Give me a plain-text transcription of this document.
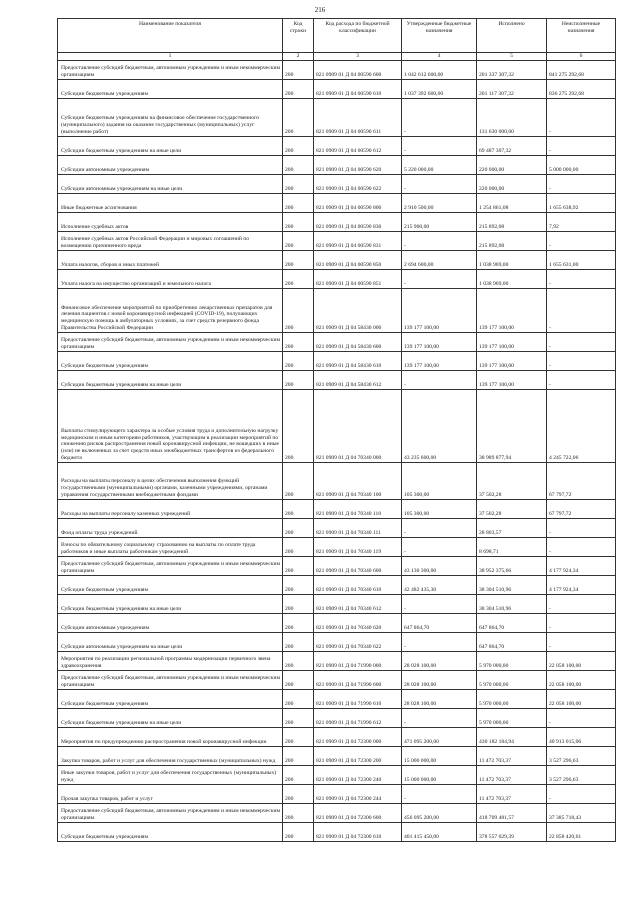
216
Наименование показателя	Код строки	Код расхода по бюджетной классификации	Утвержденные бюджетные назначения	Исполнено	Неисполненные назначения
1	2	3	4	5	6
Предоставление субсидий бюджетным, автономным учреждениям и иным некоммерческим организациям	200	821 0909 01 Д 04 00590 600	1 042 612 600,00	201 337 307,32	841 275 292,68
Субсидии бюджетным учреждениям	200	821 0909 01 Д 04 00590 610	1 037 392 600,00	201 117 307,32	836 275 292,68
Субсидии бюджетным учреждениям на финансовое обеспечение государственного (муниципального) задания на оказание государственных (муниципальных) услуг (выполнение работ)	200	821 0909 01 Д 04 00590 611	-	131 630 000,00	-
Субсидии бюджетным учреждениям на иные цели	200	821 0909 01 Д 04 00590 612	-	69 487 307,32	-
Субсидии автономным учреждениям	200	821 0909 01 Д 04 00590 620	5 220 000,00	220 000,00	5 000 000,00
Субсидии автономным учреждениям на иные цели	200	821 0909 01 Д 04 00590 622	-	220 000,00	-
Иные бюджетные ассигнования	200	821 0909 01 Д 04 00590 800	2 910 500,00	1 254 861,08	1 655 638,92
Исполнение судебных актов	200	821 0909 01 Д 04 00590 830	215 900,00	215 892,08	7,92
Исполнение судебных актов Российской Федерации и мировых соглашений по возмещению причиненного вреда	200	821 0909 01 Д 04 00590 831	-	215 892,08	-
Уплата налогов, сборов и иных платежей	200	821 0909 01 Д 04 00590 850	2 694 600,00	1 038 969,00	1 655 631,00
Уплата налога на имущество организаций и земельного налога	200	821 0909 01 Д 04 00590 851	-	1 038 969,00	-
Финансовое обеспечение мероприятий по приобретению лекарственных препаратов для лечения пациентов с новой коронавирусной инфекцией (COVID-19), получающих медицинскую помощь в амбулаторных условиях, за счет средств резервного фонда Правительства Российской Федерации	200	821 0909 01 Д 04 58430 000	139 177 100,00	139 177 100,00	-
Предоставление субсидий бюджетным, автономным учреждениям и иным некоммерческим организациям	200	821 0909 01 Д 04 58430 600	139 177 100,00	139 177 100,00	-
Субсидии бюджетным учреждениям	200	821 0909 01 Д 04 58430 610	139 177 100,00	139 177 100,00	-
Субсидии бюджетным учреждениям на иные цели	200	821 0909 01 Д 04 58430 612	-	139 177 100,00	-
Выплаты стимулирующего характера за особые условия труда и дополнительную нагрузку медицинским и иным категориям работников, участвующим в реализации мероприятий по снижению рисков распространения новой коронавирусной инфекции, не вошедших в иные (или) не включенных за счет средств иных межбюджетных трансфертов из федерального бюджета	200	821 0909 01 Д 04 70340 000	43 235 600,00	38 989 877,94	4 245 722,06
Расходы на выплаты персоналу в целях обеспечения выполнения функций государственными (муниципальными) органами, казенными учреждениями, органами управления государственными внебюджетными фондами	200	821 0909 01 Д 04 70340 100	105 300,00	37 502,28	67 797,72
Расходы на выплаты персоналу казенных учреждений	200	821 0909 01 Д 04 70340 110	105 300,00	37 502,28	67 797,72
Фонд оплаты труда учреждений	200	821 0909 01 Д 04 70340 111	-	28 803,57	-
Взносы по обязательному социальному страхованию на выплаты по оплате труда работников и иные выплаты работникам учреждений	200	821 0909 01 Д 04 70340 119	-	8 698,71	-
Предоставление субсидий бюджетным, автономным учреждениям и иным некоммерческим организациям	200	821 0909 01 Д 04 70340 600	43 130 300,00	38 952 375,66	4 177 924,34
Субсидии бюджетным учреждениям	200	821 0909 01 Д 04 70340 610	42 482 435,30	38 304 510,96	4 177 924,34
Субсидии бюджетным учреждениям на иные цели	200	821 0909 01 Д 04 70340 612	-	38 304 510,96	-
Субсидии автономным учреждениям	200	821 0909 01 Д 04 70340 620	647 864,70	647 864,70	-
Субсидии автономным учреждениям на иные цели	200	821 0909 01 Д 04 70340 622	-	647 864,70	-
Мероприятия по реализации региональной программы модернизации первичного звена здравоохранения	200	821 0909 01 Д 04 71990 000	28 028 100,00	5 970 000,00	22 058 100,00
Предоставление субсидий бюджетным, автономным учреждениям и иным некоммерческим организациям	200	821 0909 01 Д 04 71990 600	28 028 100,00	5 970 000,00	22 058 100,00
Субсидии бюджетным учреждениям	200	821 0909 01 Д 04 71990 610	28 028 100,00	5 970 000,00	22 058 100,00
Субсидии бюджетным учреждениям на иные цели	200	821 0909 01 Д 04 71990 612	-	5 970 000,00	-
Мероприятия по предупреждению распространения новой коронавирусной инфекции	200	821 0909 01 Д 04 72300 000	471 095 200,00	430 182 184,94	40 913 015,06
Закупка товаров, работ и услуг для обеспечения государственных (муниципальных) нужд	200	821 0909 01 Д 04 72300 200	15 000 000,00	11 472 703,37	3 527 296,63
Иные закупки товаров, работ и услуг для обеспечения государственных (муниципальных) нужд	200	821 0909 01 Д 04 72300 240	15 000 000,00	11 472 703,37	3 527 296,63
Прочая закупка товаров, работ и услуг	200	821 0909 01 Д 04 72300 244	-	11 472 703,37	-
Предоставление субсидий бюджетным, автономным учреждениям и иным некоммерческим организациям	200	821 0909 01 Д 04 72300 600	456 095 200,00	418 709 481,57	37 385 718,43
Субсидии бюджетным учреждениям	200	821 0909 01 Д 04 72300 610	401 415 450,00	378 557 029,39	22 858 420,61
